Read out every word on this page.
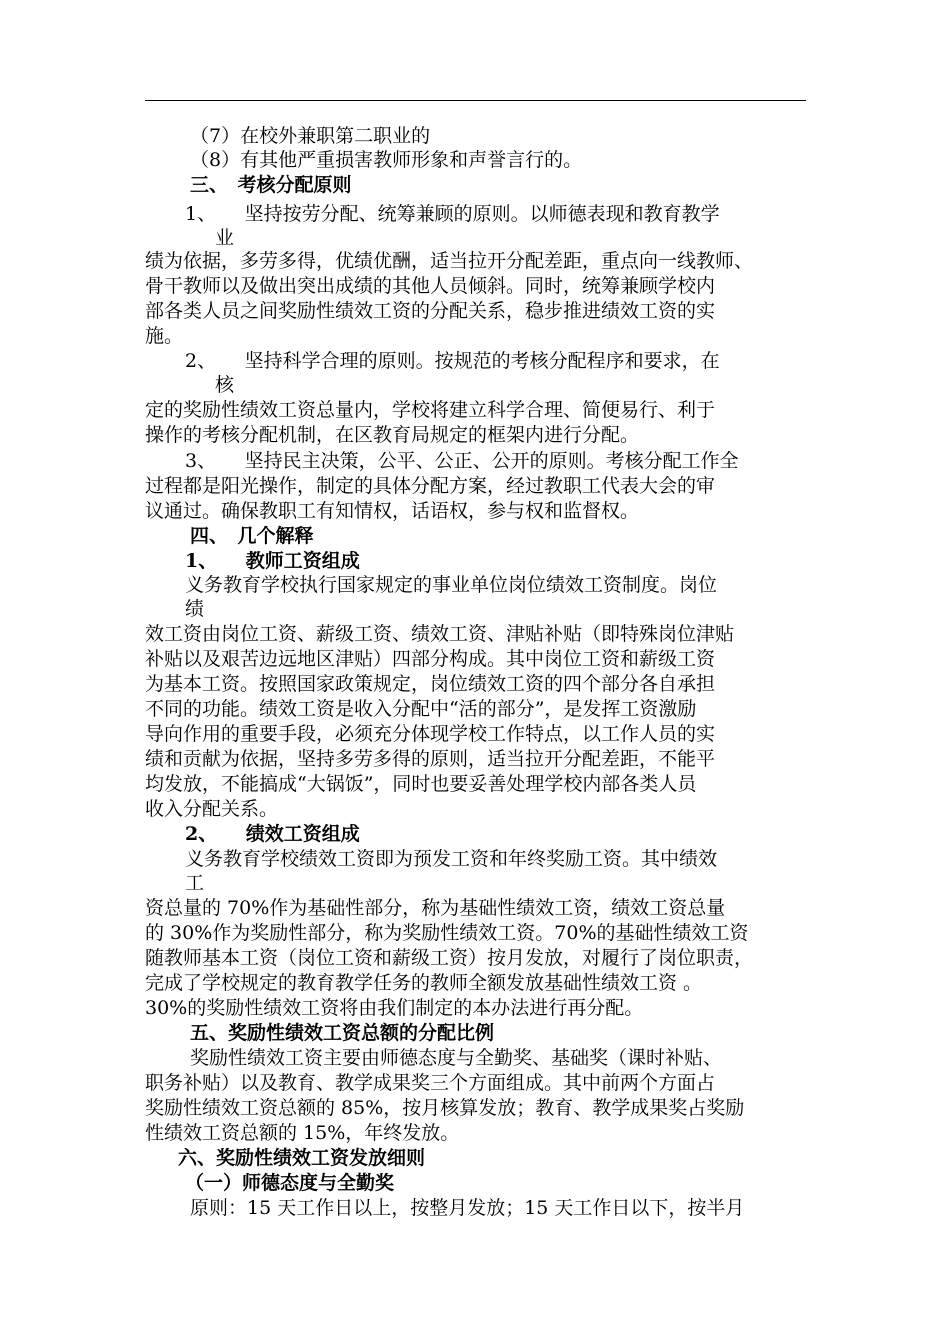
（7）在校外兼职第二职业的
（8）有其他严重损害教师形象和声誉言行的。
三、　考核分配原则
1、　　坚持按劳分配、统筹兼顾的原则。以师德表现和教育教学
业
绩为依据，多劳多得，优绩优酬，适当拉开分配差距，重点向一线教师、
骨干教师以及做出突出成绩的其他人员倾斜。同时，统筹兼顾学校内
部各类人员之间奖励性绩效工资的分配关系，稳步推进绩效工资的实
施。
2、　　坚持科学合理的原则。按规范的考核分配程序和要求，在
核
定的奖励性绩效工资总量内，学校将建立科学合理、简便易行、利于
操作的考核分配机制，在区教育局规定的框架内进行分配。
3、　　坚持民主决策，公平、公正、公开的原则。考核分配工作全
过程都是阳光操作，制定的具体分配方案，经过教职工代表大会的审
议通过。确保教职工有知情权，话语权，参与权和监督权。
四、　几个解释
1、　　教师工资组成
义务教育学校执行国家规定的事业单位岗位绩效工资制度。岗位
绩
效工资由岗位工资、薪级工资、绩效工资、津贴补贴（即特殊岗位津贴
补贴以及艰苦边远地区津贴）四部分构成。其中岗位工资和薪级工资
为基本工资。按照国家政策规定，岗位绩效工资的四个部分各自承担
不同的功能。绩效工资是收入分配中“活的部分”，是发挥工资激励
导向作用的重要手段，必须充分体现学校工作特点，以工作人员的实
绩和贡献为依据，坚持多劳多得的原则，适当拉开分配差距，不能平
均发放，不能搞成“大锅饭”，同时也要妥善处理学校内部各类人员
收入分配关系。
2、　　绩效工资组成
义务教育学校绩效工资即为预发工资和年终奖励工资。其中绩效
工
资总量的 70%作为基础性部分，称为基础性绩效工资，绩效工资总量
的 30%作为奖励性部分，称为奖励性绩效工资。70%的基础性绩效工资
随教师基本工资（岗位工资和薪级工资）按月发放，对履行了岗位职责，
完成了学校规定的教育教学任务的教师全额发放基础性绩效工资 。
30%的奖励性绩效工资将由我们制定的本办法进行再分配。
五、奖励性绩效工资总额的分配比例
奖励性绩效工资主要由师德态度与全勤奖、基础奖（课时补贴、
职务补贴）以及教育、教学成果奖三个方面组成。其中前两个方面占
奖励性绩效工资总额的 85%，按月核算发放；教育、教学成果奖占奖励
性绩效工资总额的 15%，年终发放。
六、奖励性绩效工资发放细则
（一）师德态度与全勤奖
原则：15 天工作日以上，按整月发放；15 天工作日以下，按半月
